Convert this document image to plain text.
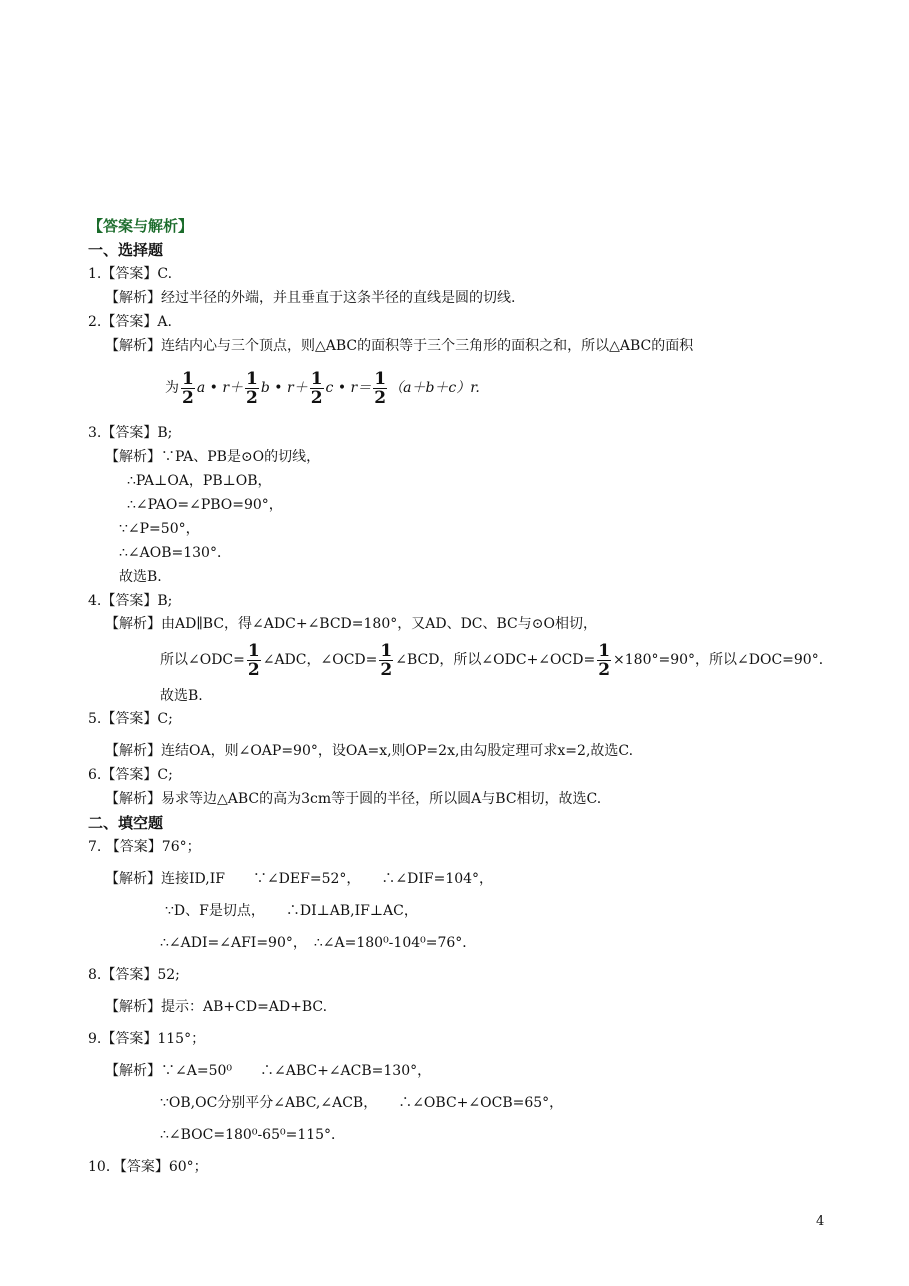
【答案与解析】
一、选择题
1.【答案】C.
【解析】经过半径的外端，并且垂直于这条半径的直线是圆的切线.
2.【答案】A.
【解析】连结内心与三个顶点，则△ABC的面积等于三个三角形的面积之和，所以△ABC的面积
为 $\frac{1}{2}$ a • $r+ \frac{1}{2}$ b • $r+ \frac{1}{2}$ c • $r= \frac{1}{2} (a+b+c)r$.
3.【答案】B;
【解析】∵PA、PB是⊙O的切线，
∴PA⊥OA，PB⊥OB，
∴∠PAO=∠PBO=90°，
∵∠P=50°，
∴∠AOB=130°．
故选B.
4.【答案】B;
【解析】由AD∥BC，得∠ADC+∠BCD=180°，又AD、DC、BC与⊙O相切，
所以∠ODC= $\frac{1}{2}$ ∠ADC，∠OCD= $\frac{1}{2}$ ∠BCD，所以∠ODC+∠OCD= $\frac{1}{2} \times 180^\circ=90^\circ$，所以∠DOC=90°．
故选B.
5.【答案】C;
【解析】连结OA，则∠OAP=90°，设OA=x,则OP=2x,由勾股定理可求x=2,故选C.
6.【答案】C;
【解析】易求等边△ABC的高为3cm等于圆的半径，所以圆A与BC相切，故选C.
二、填空题
7. 【答案】76°；
【解析】连接ID,IF　　∵∠DEF=52°，　　∴∠DIF=104°，
∵D、F是切点，　　∴DI⊥AB,IF⊥AC，
∴∠ADI=∠AFI=90°，　∴∠A=180⁰-104⁰=76°．
8.【答案】52;
【解析】提示：AB+CD=AD+BC.
9.【答案】115°；
【解析】∵∠A=50⁰　　∴∠ABC+∠ACB=130°，
∵OB,OC分别平分∠ABC,∠ACB，　　∴∠OBC+∠OCB=65°，
∴∠BOC=180⁰-65⁰=115°．
10．【答案】60°；
4
